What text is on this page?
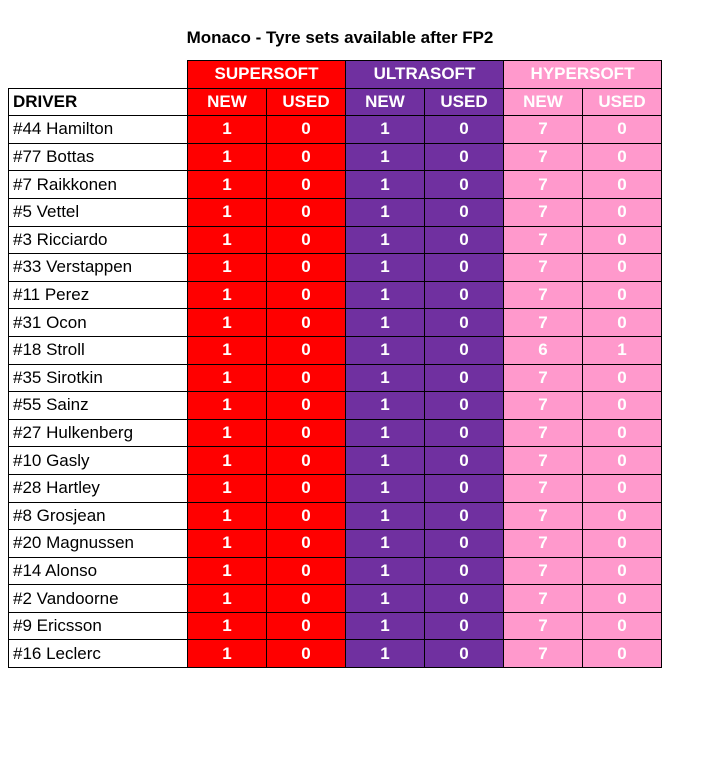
Monaco - Tyre sets available after FP2
	SUPERSOFT		ULTRASOFT		HYPERSOFT	
DRIVER	NEW	USED	NEW	USED	NEW	USED
#44 Hamilton	1	0	1	0	7	0
#77 Bottas	1	0	1	0	7	0
#7 Raikkonen	1	0	1	0	7	0
#5 Vettel	1	0	1	0	7	0
#3 Ricciardo	1	0	1	0	7	0
#33 Verstappen	1	0	1	0	7	0
#11 Perez	1	0	1	0	7	0
#31 Ocon	1	0	1	0	7	0
#18 Stroll	1	0	1	0	6	1
#35 Sirotkin	1	0	1	0	7	0
#55 Sainz	1	0	1	0	7	0
#27 Hulkenberg	1	0	1	0	7	0
#10 Gasly	1	0	1	0	7	0
#28 Hartley	1	0	1	0	7	0
#8 Grosjean	1	0	1	0	7	0
#20 Magnussen	1	0	1	0	7	0
#14 Alonso	1	0	1	0	7	0
#2 Vandoorne	1	0	1	0	7	0
#9 Ericsson	1	0	1	0	7	0
#16 Leclerc	1	0	1	0	7	0
